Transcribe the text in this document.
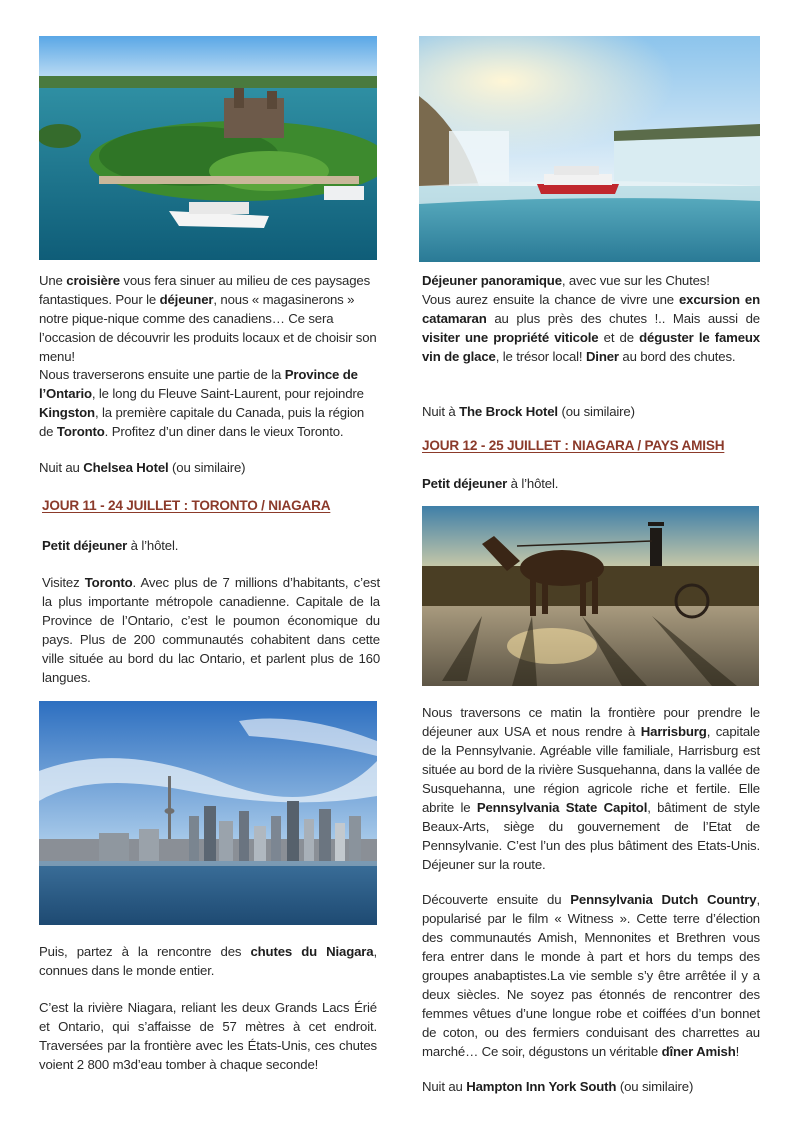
Une croisière vous fera sinuer au milieu de ces paysages fantastiques. Pour le déjeuner, nous « magasinerons » notre pique-nique comme des canadiens… Ce sera l’occasion de découvrir les produits locaux et de choisir son menu!

Nous traverserons ensuite une partie de la Province de l’Ontario, le long du Fleuve Saint-Laurent, pour rejoindre Kingston, la première capitale du Canada, puis la région de Toronto. Profitez d’un diner dans le vieux Toronto.

Nuit au Chelsea Hotel (ou similaire)

JOUR 11 - 24 JUILLET : TORONTO / NIAGARA

Petit déjeuner à l’hôtel.

Visitez Toronto. Avec plus de 7 millions d’habitants, c’est la plus importante métropole canadienne. Capitale de la Province de l’Ontario, c’est le poumon économique du pays. Plus de 200 communautés cohabitent dans cette ville située au bord du lac Ontario, et parlent plus de 160 langues.

Puis, partez à la rencontre des chutes du Niagara, connues dans le monde entier.

C’est la rivière Niagara, reliant les deux Grands Lacs Érié et Ontario, qui s’affaisse de 57 mètres à cet endroit. Traversées par la frontière avec les États-Unis, ces chutes voient 2 800 m3d’eau tomber à chaque seconde!

Déjeuner panoramique, avec vue sur les Chutes!

Vous aurez ensuite la chance de vivre une excursion en catamaran au plus près des chutes !.. Mais aussi de visiter une propriété viticole et de déguster le fameux vin de glace, le trésor local! Diner au bord des chutes.

Nuit à The Brock Hotel (ou similaire)

JOUR 12 - 25 JUILLET : NIAGARA / PAYS AMISH

Petit déjeuner à l’hôtel.

Nous traversons ce matin la frontière pour prendre le déjeuner aux USA et nous rendre à Harrisburg, capitale de la Pennsylvanie. Agréable ville familiale, Harrisburg est située au bord de la rivière Susquehanna, dans la vallée de Susquehanna, une région agricole riche et fertile. Elle abrite le Pennsylvania State Capitol, bâtiment de style Beaux-Arts, siège du gouvernement de l’Etat de Pennsylvanie. C’est l’un des plus bâtiment des Etats-Unis. Déjeuner sur la route.

Découverte ensuite du Pennsylvania Dutch Country, popularisé par le film « Witness ». Cette terre d’élection des communautés Amish, Mennonites et Brethren vous fera entrer dans le monde à part et hors du temps des groupes anabaptistes.La vie semble s’y être arrêtée il y a deux siècles. Ne soyez pas étonnés de rencontrer des femmes vêtues d’une longue robe et coiffées d’un bonnet de coton, ou des fermiers conduisant des charrettes au marché… Ce soir, dégustons un véritable dîner Amish!

Nuit au Hampton Inn York South (ou similaire)
